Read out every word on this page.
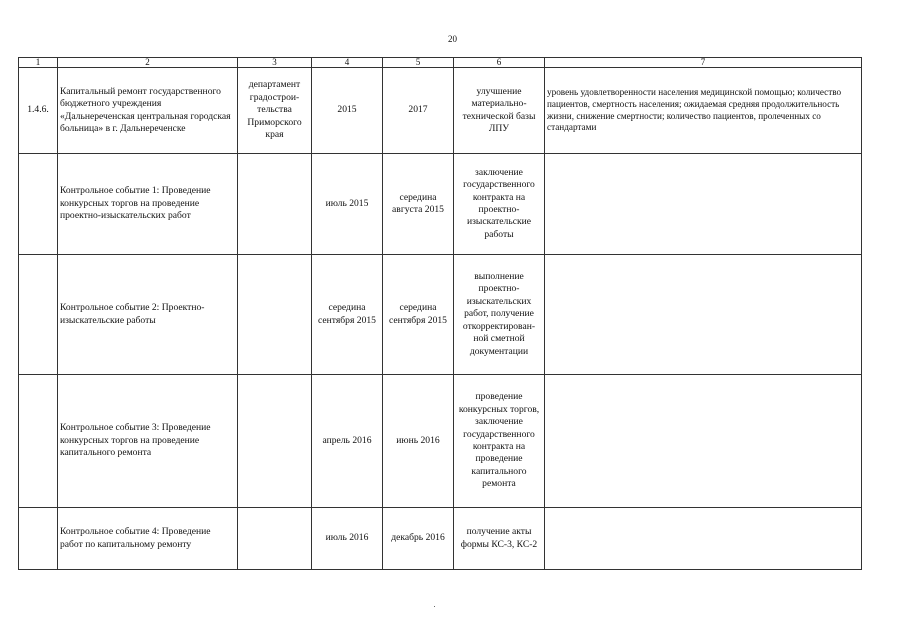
20
1	2	3	4	5	6	7
1.4.6.	Капитальный ремонт государственного бюджетного учреждения «Дальнереченская центральная городская больница» в г. Дальнереченске	департамент градострои-тельства Приморского края	2015	2017	улучшение материально-технической базы ЛПУ	уровень удовлетворенности населения медицинской помощью; количество пациентов, смертность населения; ожидаемая средняя продолжительность жизни, снижение смертности; количество пациентов, пролеченных со стандартами
	Контрольное событие 1: Проведение конкурсных торгов на проведение проектно-изыскательских работ		июль 2015	середина августа 2015	заключение государственного контракта на проектно-изыскательские работы	
	Контрольное событие 2: Проектно-изыскательские работы		середина сентября 2015	середина сентября 2015	выполнение проектно-изыскательских работ, получение откорректирован-ной сметной документации	
	Контрольное событие 3: Проведение конкурсных торгов на проведение капитального ремонта		апрель 2016	июнь 2016	проведение конкурсных торгов, заключение государственного контракта на проведение капитального ремонта	
	Контрольное событие 4: Проведение работ по капитальному ремонту		июль 2016	декабрь 2016	получение акты формы КС-3, КС-2	
